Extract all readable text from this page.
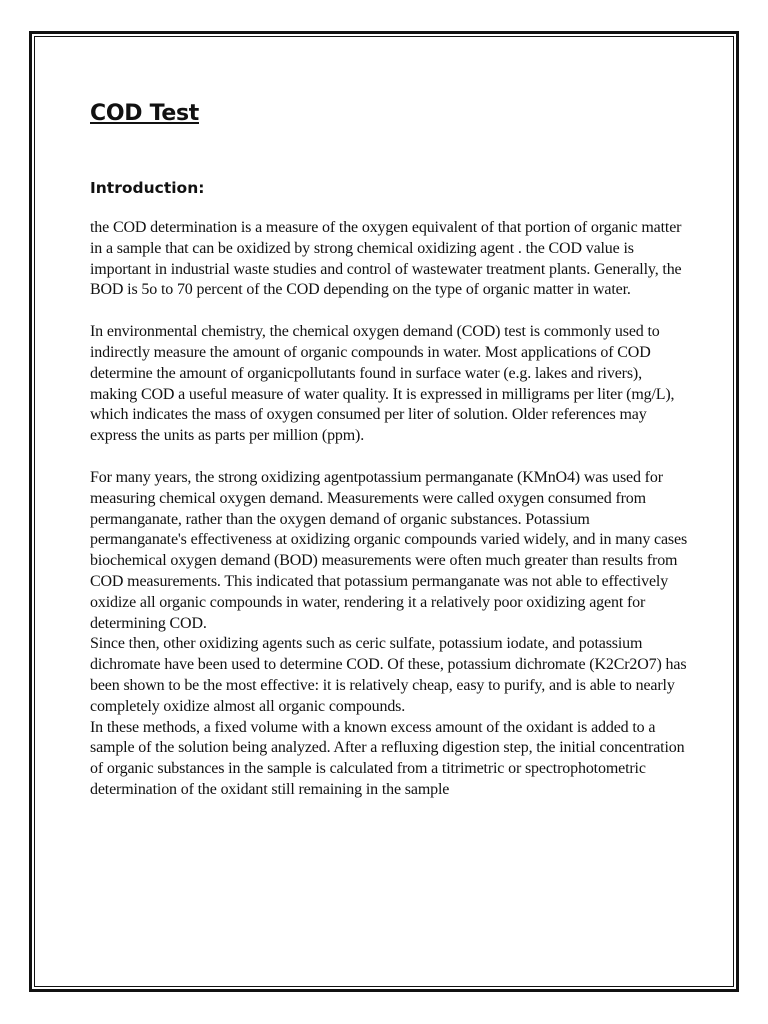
COD Test
Introduction:

the COD determination is a measure of the oxygen equivalent of that portion of organic matter in a sample that can be oxidized by strong chemical oxidizing agent . the COD value is important in industrial waste studies and control of wastewater treatment plants. Generally, the BOD is 5o to 70 percent of the COD depending on the type of organic matter in water.

In environmental chemistry, the chemical oxygen demand (COD) test is commonly used to indirectly measure the amount of organic compounds in water. Most applications of COD determine the amount of organicpollutants found in surface water (e.g. lakes and rivers), making COD a useful measure of water quality. It is expressed in milligrams per liter (mg/L), which indicates the mass of oxygen consumed per liter of solution. Older references may express the units as parts per million (ppm).

For many years, the strong oxidizing agentpotassium permanganate (KMnO4) was used for measuring chemical oxygen demand. Measurements were called oxygen consumed from permanganate, rather than the oxygen demand of organic substances. Potassium permanganate's effectiveness at oxidizing organic compounds varied widely, and in many cases biochemical oxygen demand (BOD) measurements were often much greater than results from COD measurements. This indicated that potassium permanganate was not able to effectively oxidize all organic compounds in water, rendering it a relatively poor oxidizing agent for determining COD.

Since then, other oxidizing agents such as ceric sulfate, potassium iodate, and potassium dichromate have been used to determine COD. Of these, potassium dichromate (K2Cr2O7) has been shown to be the most effective: it is relatively cheap, easy to purify, and is able to nearly completely oxidize almost all organic compounds.

In these methods, a fixed volume with a known excess amount of the oxidant is added to a sample of the solution being analyzed. After a refluxing digestion step, the initial concentration of organic substances in the sample is calculated from a titrimetric or spectrophotometric determination of the oxidant still remaining in the sample
